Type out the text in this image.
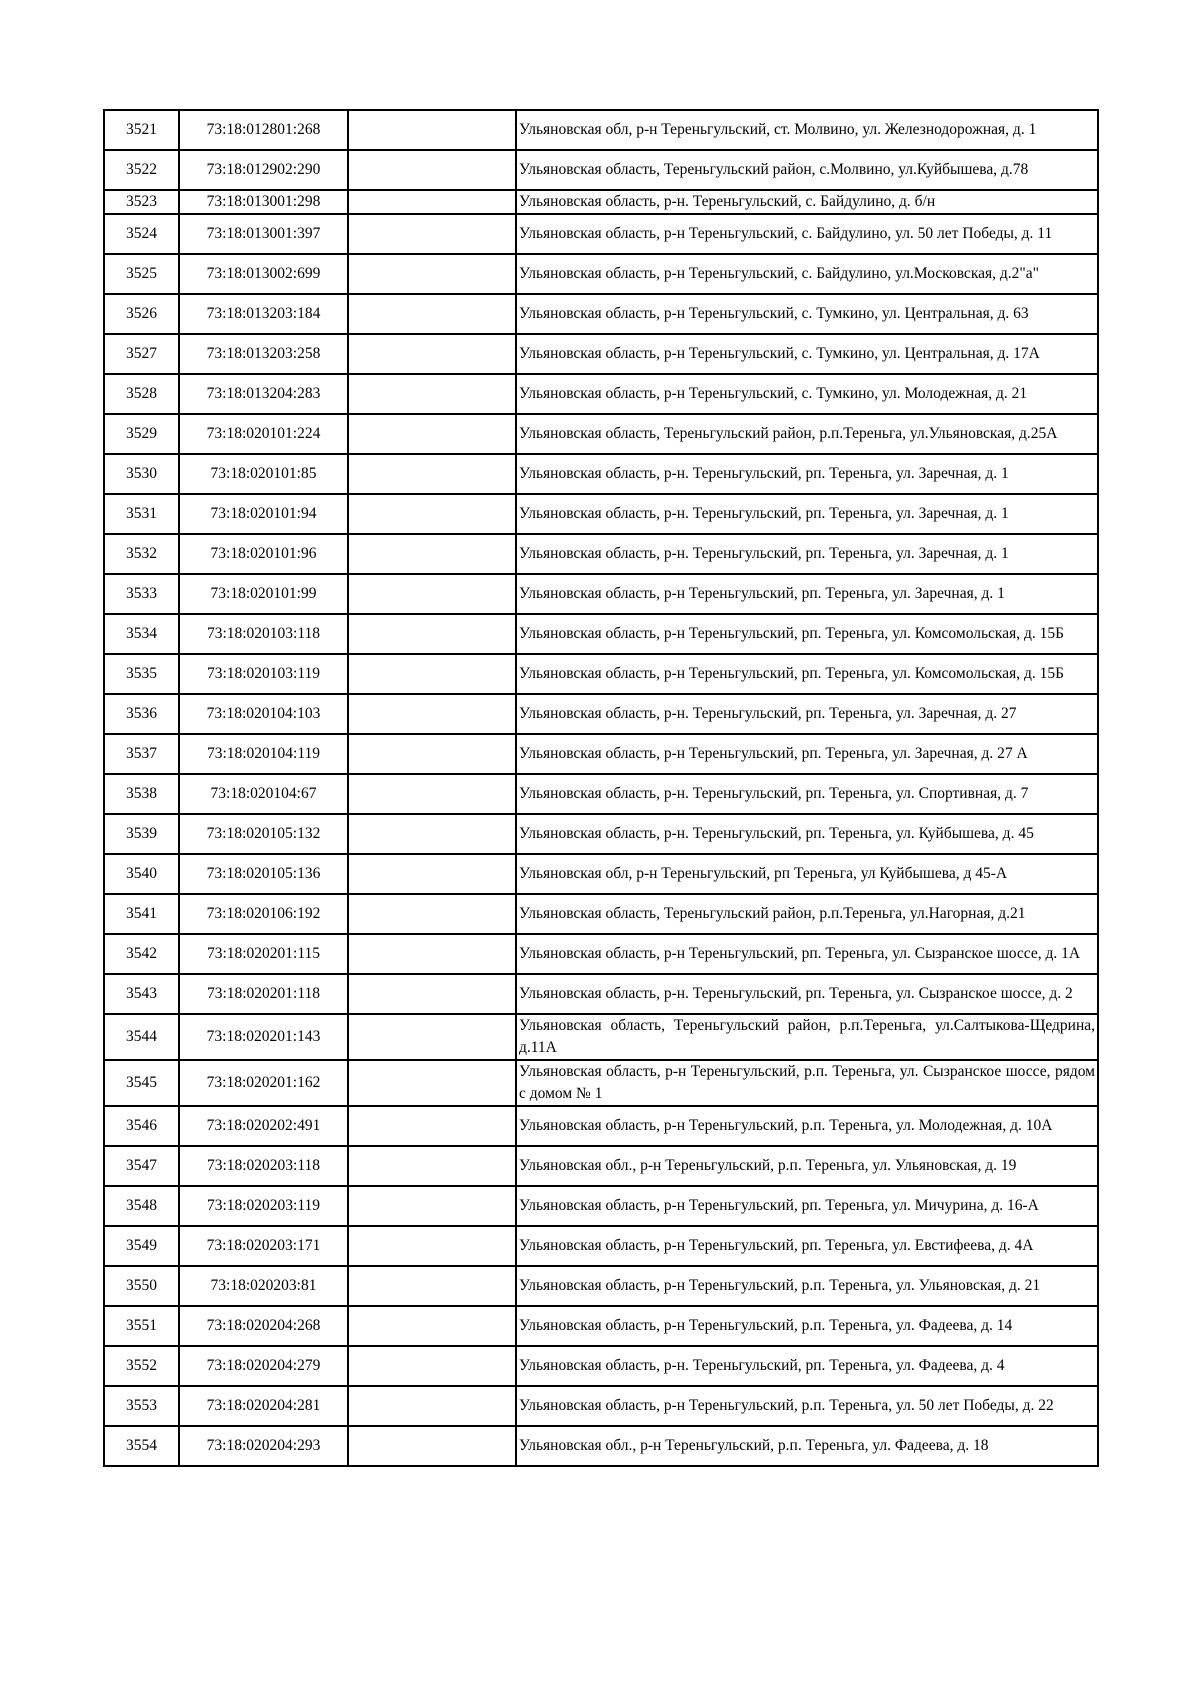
3521	73:18:012801:268		Ульяновская обл, р-н Тереньгульский, ст. Молвино, ул. Железнодорожная, д. 1
3522	73:18:012902:290		Ульяновская область, Тереньгульский район, с.Молвино, ул.Куйбышева, д.78
3523	73:18:013001:298		Ульяновская область, р-н. Тереньгульский, с. Байдулино, д. б/н
3524	73:18:013001:397		Ульяновская область, р-н Тереньгульский, с. Байдулино, ул. 50 лет Победы, д. 11
3525	73:18:013002:699		Ульяновская область, р-н Тереньгульский, с. Байдулино, ул.Московская, д.2"а"
3526	73:18:013203:184		Ульяновская область, р-н Тереньгульский, с. Тумкино, ул. Центральная, д. 63
3527	73:18:013203:258		Ульяновская область, р-н Тереньгульский, с. Тумкино, ул. Центральная, д. 17А
3528	73:18:013204:283		Ульяновская область, р-н Тереньгульский, с. Тумкино, ул. Молодежная, д. 21
3529	73:18:020101:224		Ульяновская область, Тереньгульский район, р.п.Тереньга, ул.Ульяновская, д.25А
3530	73:18:020101:85		Ульяновская область, р-н. Тереньгульский, рп. Тереньга, ул. Заречная, д. 1
3531	73:18:020101:94		Ульяновская область, р-н. Тереньгульский, рп. Тереньга, ул. Заречная, д. 1
3532	73:18:020101:96		Ульяновская область, р-н. Тереньгульский, рп. Тереньга, ул. Заречная, д. 1
3533	73:18:020101:99		Ульяновская область, р-н Тереньгульский, рп. Тереньга, ул. Заречная, д. 1
3534	73:18:020103:118		Ульяновская область, р-н Тереньгульский, рп. Тереньга, ул. Комсомольская, д. 15Б
3535	73:18:020103:119		Ульяновская область, р-н Тереньгульский, рп. Тереньга, ул. Комсомольская, д. 15Б
3536	73:18:020104:103		Ульяновская область, р-н. Тереньгульский, рп. Тереньга, ул. Заречная, д. 27
3537	73:18:020104:119		Ульяновская область, р-н Тереньгульский, рп. Тереньга, ул. Заречная, д. 27 А
3538	73:18:020104:67		Ульяновская область, р-н. Тереньгульский, рп. Тереньга, ул. Спортивная, д. 7
3539	73:18:020105:132		Ульяновская область, р-н. Тереньгульский, рп. Тереньга, ул. Куйбышева, д. 45
3540	73:18:020105:136		Ульяновская обл, р-н Тереньгульский, рп Тереньга, ул Куйбышева, д 45-А
3541	73:18:020106:192		Ульяновская область, Тереньгульский район, р.п.Тереньга, ул.Нагорная, д.21
3542	73:18:020201:115		Ульяновская область, р-н Тереньгульский, рп. Тереньга, ул. Сызранское шоссе, д. 1А
3543	73:18:020201:118		Ульяновская область, р-н. Тереньгульский, рп. Тереньга, ул. Сызранское шоссе, д. 2
3544	73:18:020201:143		Ульяновская область, Тереньгульский район, р.п.Тереньга, ул.Салтыкова-Щедрина, д.11А
3545	73:18:020201:162		Ульяновская область, р-н Тереньгульский, р.п. Тереньга, ул. Сызранское шоссе, рядом с домом № 1
3546	73:18:020202:491		Ульяновская область, р-н Тереньгульский, р.п. Тереньга, ул. Молодежная, д. 10А
3547	73:18:020203:118		Ульяновская обл., р-н Тереньгульский, р.п. Тереньга, ул. Ульяновская, д. 19
3548	73:18:020203:119		Ульяновская область, р-н Тереньгульский, рп. Тереньга, ул. Мичурина, д. 16-А
3549	73:18:020203:171		Ульяновская область, р-н Тереньгульский, рп. Тереньга, ул. Евстифеева, д. 4А
3550	73:18:020203:81		Ульяновская область, р-н Тереньгульский, р.п. Тереньга, ул. Ульяновская, д. 21
3551	73:18:020204:268		Ульяновская область, р-н Тереньгульский, р.п. Тереньга, ул. Фадеева, д. 14
3552	73:18:020204:279		Ульяновская область, р-н. Тереньгульский, рп. Тереньга, ул. Фадеева, д. 4
3553	73:18:020204:281		Ульяновская область, р-н Тереньгульский, р.п. Тереньга, ул. 50 лет Победы, д. 22
3554	73:18:020204:293		Ульяновская обл., р-н Тереньгульский, р.п. Тереньга, ул. Фадеева, д. 18
